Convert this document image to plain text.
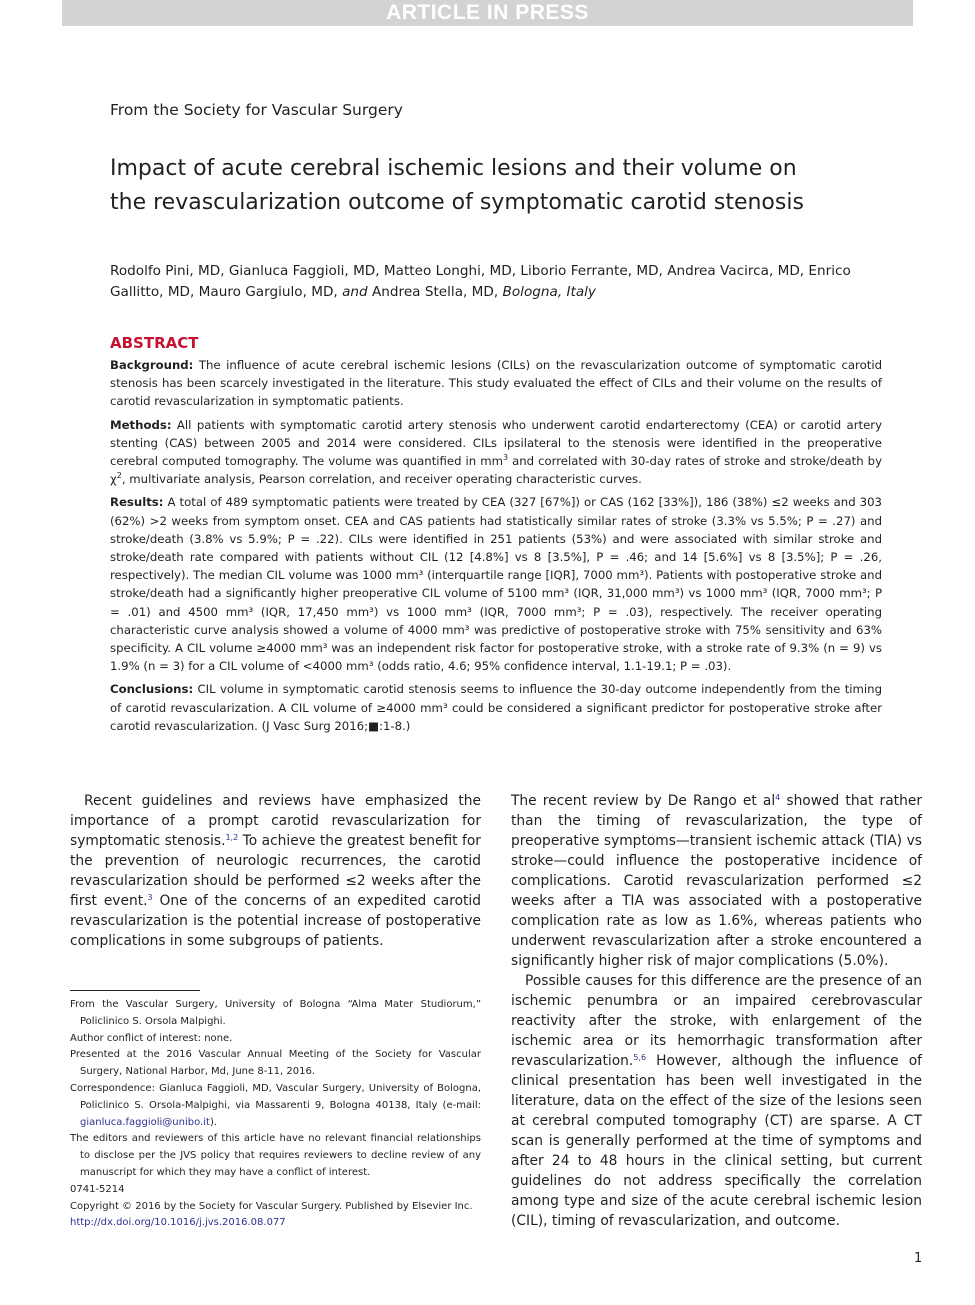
ARTICLE IN PRESS
From the Society for Vascular Surgery
Impact of acute cerebral ischemic lesions and their volume on the revascularization outcome of symptomatic carotid stenosis
Rodolfo Pini, MD, Gianluca Faggioli, MD, Matteo Longhi, MD, Liborio Ferrante, MD, Andrea Vacirca, MD, Enrico Gallitto, MD, Mauro Gargiulo, MD, and Andrea Stella, MD, Bologna, Italy
ABSTRACT

Background: The influence of acute cerebral ischemic lesions (CILs) on the revascularization outcome of symptomatic carotid stenosis has been scarcely investigated in the literature. This study evaluated the effect of CILs and their volume on the results of carotid revascularization in symptomatic patients.

Methods: All patients with symptomatic carotid artery stenosis who underwent carotid endarterectomy (CEA) or carotid artery stenting (CAS) between 2005 and 2014 were considered. CILs ipsilateral to the stenosis were identified in the preoperative cerebral computed tomography. The volume was quantified in $mm^3$ and correlated with 30-day rates of stroke and stroke/death by $\chi^2$, multivariate analysis, Pearson correlation, and receiver operating characteristic curves.

Results: A total of 489 symptomatic patients were treated by CEA (327 [67%]) or CAS (162 [33%]), 186 (38%) ≤2 weeks and 303 (62%) >2 weeks from symptom onset. CEA and CAS patients had statistically similar rates of stroke (3.3% vs 5.5%; P = .27) and stroke/death (3.8% vs 5.9%; P = .22). CILs were identified in 251 patients (53%) and were associated with similar stroke and stroke/death rate compared with patients without CIL (12 [4.8%] vs 8 [3.5%], P = .46; and 14 [5.6%] vs 8 [3.5%]; P = .26, respectively). The median CIL volume was 1000 mm³ (interquartile range [IQR], 7000 mm³). Patients with postoperative stroke and stroke/death had a significantly higher preoperative CIL volume of 5100 mm³ (IQR, 31,000 mm³) vs 1000 mm³ (IQR, 7000 mm³; P = .01) and 4500 mm³ (IQR, 17,450 mm³) vs 1000 mm³ (IQR, 7000 mm³; P = .03), respectively. The receiver operating characteristic curve analysis showed a volume of 4000 mm³ was predictive of postoperative stroke with 75% sensitivity and 63% specificity. A CIL volume ≥4000 mm³ was an independent risk factor for postoperative stroke, with a stroke rate of 9.3% (n = 9) vs 1.9% (n = 3) for a CIL volume of <4000 mm³ (odds ratio, 4.6; 95% confidence interval, 1.1-19.1; P = .03).

Conclusions: CIL volume in symptomatic carotid stenosis seems to influence the 30-day outcome independently from the timing of carotid revascularization. A CIL volume of ≥4000 mm³ could be considered a significant predictor for postoperative stroke after carotid revascularization. (J Vasc Surg 2016;■:1-8.)

Recent guidelines and reviews have emphasized the importance of a prompt carotid revascularization for symptomatic stenosis.$^{1,2}$ To achieve the greatest benefit for the prevention of neurologic recurrences, the carotid revascularization should be performed ≤2 weeks after the first event.$^3$ One of the concerns of an expedited carotid revascularization is the potential increase of postoperative complications in some subgroups of patients.

From the Vascular Surgery, University of Bologna “Alma Mater Studiorum,” Policlinico S. Orsola Malpighi.

Author conflict of interest: none.

Presented at the 2016 Vascular Annual Meeting of the Society for Vascular Surgery, National Harbor, Md, June 8-11, 2016.

Correspondence: Gianluca Faggioli, MD, Vascular Surgery, University of Bologna, Policlinico S. Orsola-Malpighi, via Massarenti 9, Bologna 40138, Italy (e-mail: gianluca.faggioli@unibo.it).

The editors and reviewers of this article have no relevant financial relationships to disclose per the JVS policy that requires reviewers to decline review of any manuscript for which they may have a conflict of interest.

0741-5214

Copyright © 2016 by the Society for Vascular Surgery. Published by Elsevier Inc.

http://dx.doi.org/10.1016/j.jvs.2016.08.077

The recent review by De Rango et $al^4$ showed that rather than the timing of revascularization, the type of preoperative symptoms—transient ischemic attack (TIA) vs stroke—could influence the postoperative incidence of complications. Carotid revascularization performed ≤2 weeks after a TIA was associated with a postoperative complication rate as low as 1.6%, whereas patients who underwent revascularization after a stroke encountered a significantly higher risk of major complications (5.0%).

Possible causes for this difference are the presence of an ischemic penumbra or an impaired cerebrovascular reactivity after the stroke, with enlargement of the ischemic area or its hemorrhagic transformation after revascularization.$^{5,6}$ However, although the influence of clinical presentation has been well investigated in the literature, data on the effect of the size of the lesions seen at cerebral computed tomography (CT) are sparse. A CT scan is generally performed at the time of symptoms and after 24 to 48 hours in the clinical setting, but current guidelines do not address specifically the correlation among type and size of the acute cerebral ischemic lesion (CIL), timing of revascularization, and outcome.

1
